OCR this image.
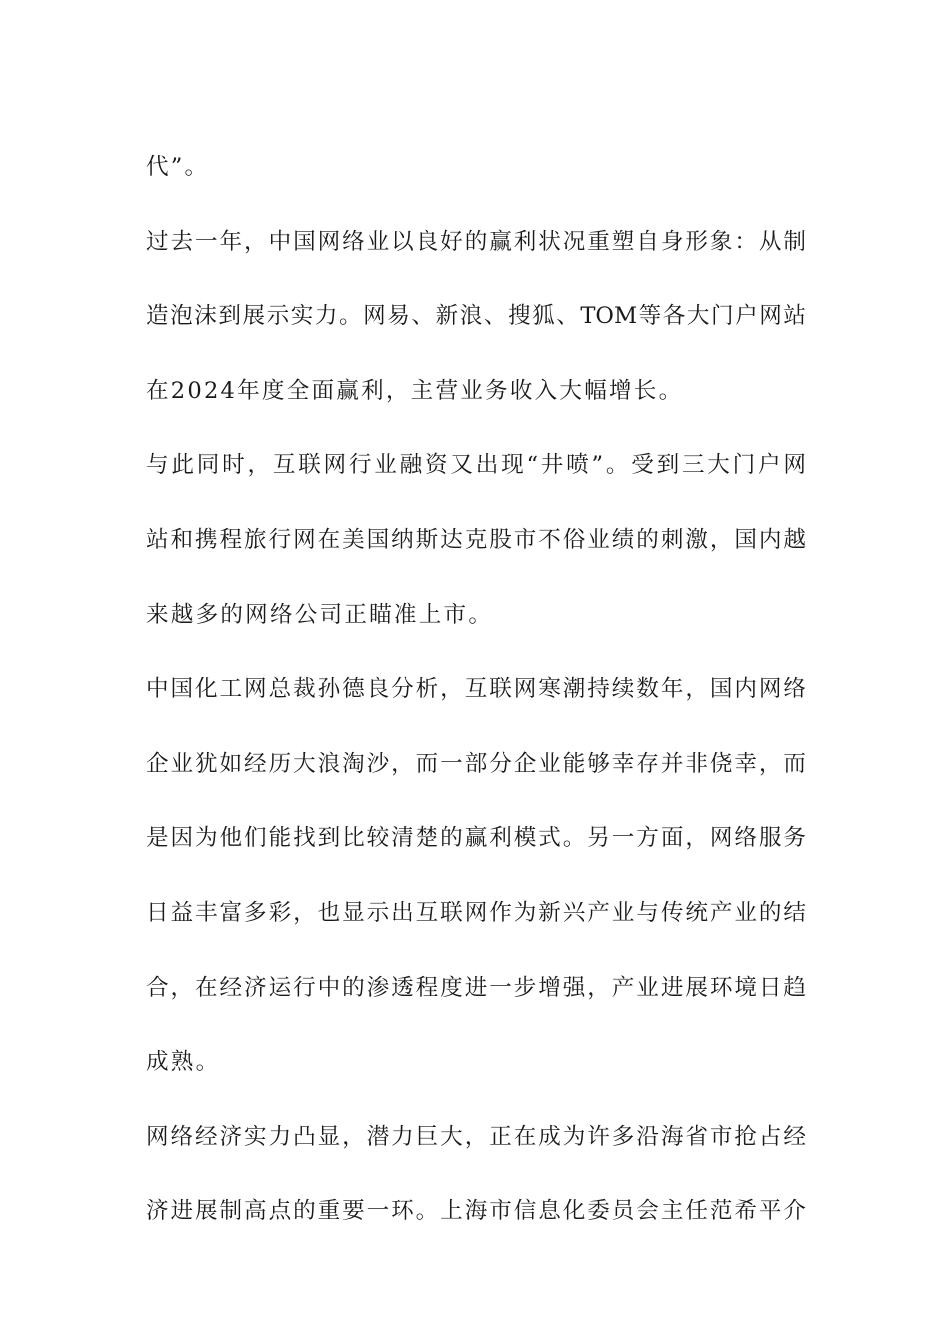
代”。
过去一年，中国网络业以良好的赢利状况重塑自身形象：从制
造泡沫到展示实力。网易、新浪、搜狐、TOM等各大门户网站
在2024年度全面赢利，主营业务收入大幅增长。
与此同时，互联网行业融资又出现“井喷”。受到三大门户网
站和携程旅行网在美国纳斯达克股市不俗业绩的刺激，国内越
来越多的网络公司正瞄准上市。
中国化工网总裁孙德良分析，互联网寒潮持续数年，国内网络
企业犹如经历大浪淘沙，而一部分企业能够幸存并非侥幸，而
是因为他们能找到比较清楚的赢利模式。另一方面，网络服务
日益丰富多彩，也显示出互联网作为新兴产业与传统产业的结
合，在经济运行中的渗透程度进一步增强，产业进展环境日趋
成熟。
网络经济实力凸显，潜力巨大，正在成为许多沿海省市抢占经
济进展制高点的重要一环。上海市信息化委员会主任范希平介
